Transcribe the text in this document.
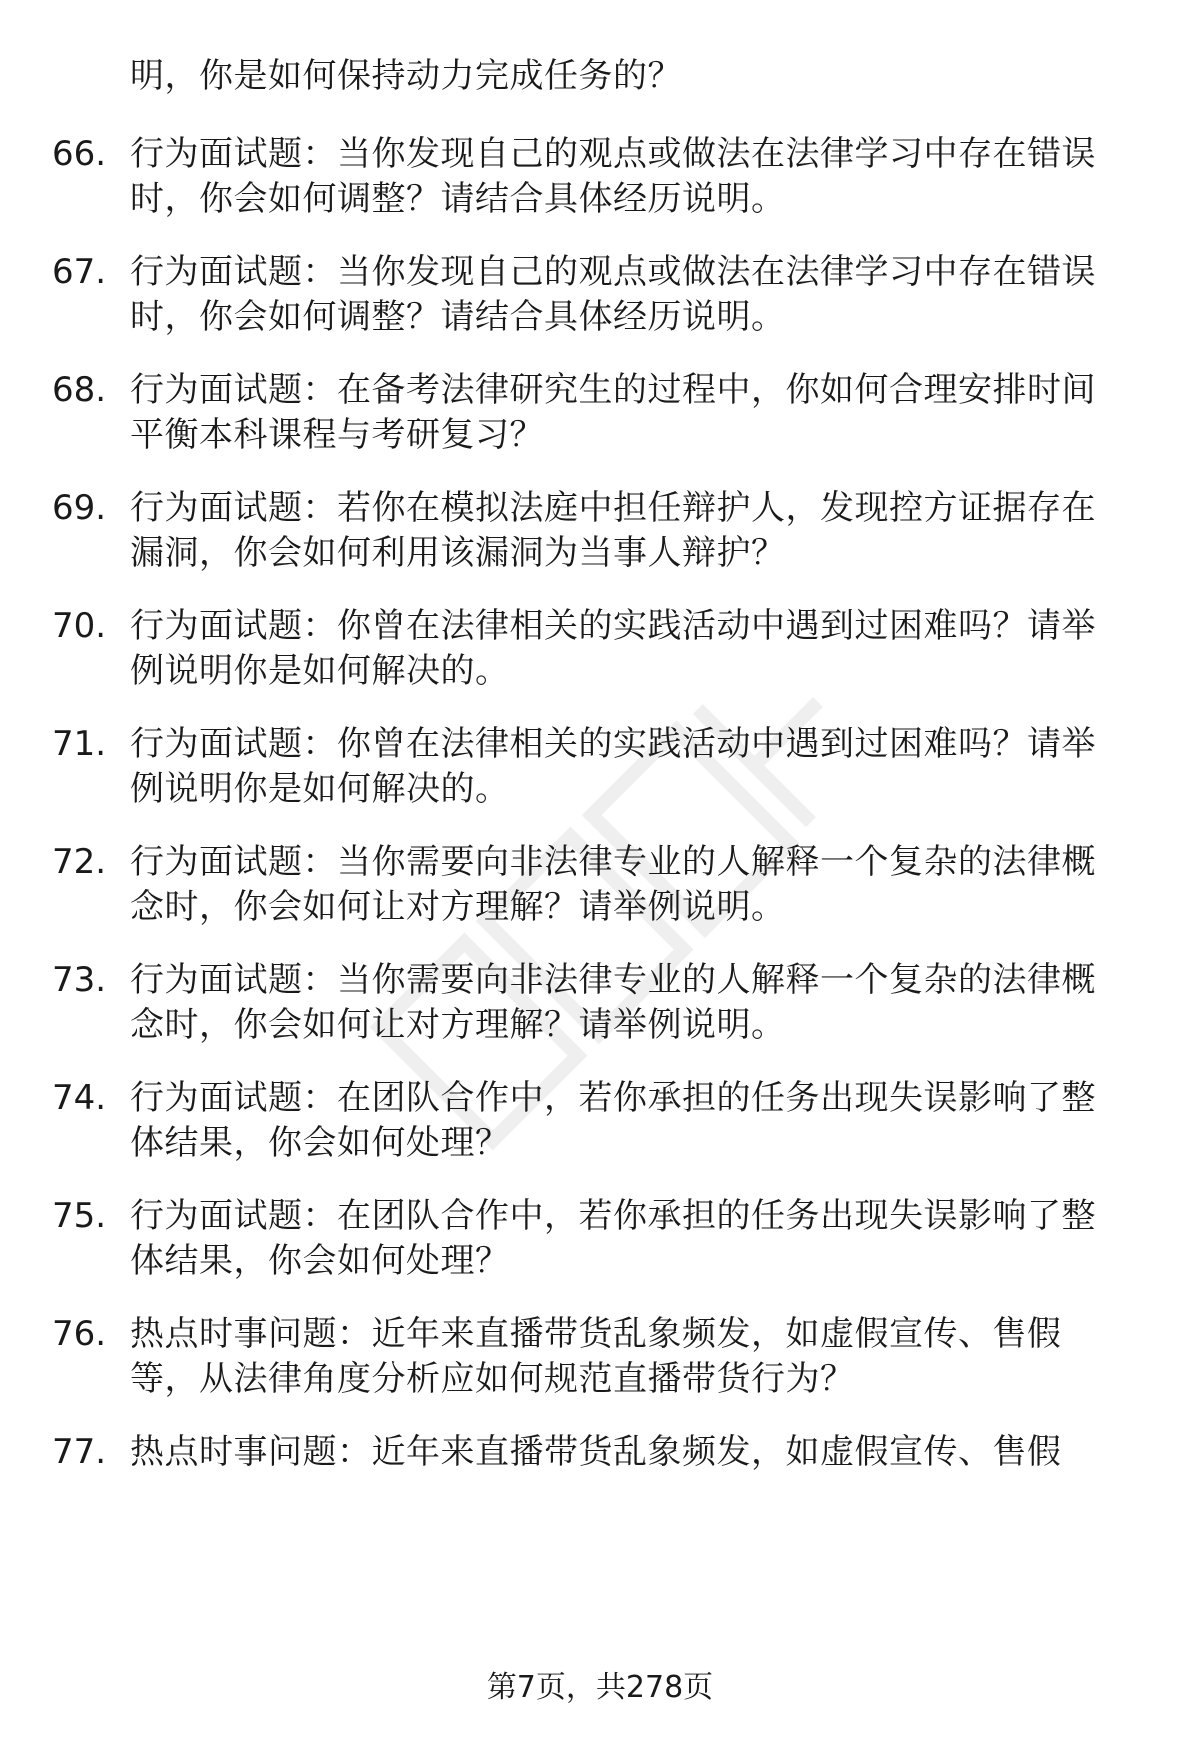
明，你是如何保持动力完成任务的？
66. 行为面试题：当你发现自己的观点或做法在法律学习中存在错误
时，你会如何调整？请结合具体经历说明。
67. 行为面试题：当你发现自己的观点或做法在法律学习中存在错误
时，你会如何调整？请结合具体经历说明。
68. 行为面试题：在备考法律研究生的过程中，你如何合理安排时间
平衡本科课程与考研复习？
69. 行为面试题：若你在模拟法庭中担任辩护人，发现控方证据存在
漏洞，你会如何利用该漏洞为当事人辩护？
70. 行为面试题：你曾在法律相关的实践活动中遇到过困难吗？请举
例说明你是如何解决的。
71. 行为面试题：你曾在法律相关的实践活动中遇到过困难吗？请举
例说明你是如何解决的。
72. 行为面试题：当你需要向非法律专业的人解释一个复杂的法律概
念时，你会如何让对方理解？请举例说明。
73. 行为面试题：当你需要向非法律专业的人解释一个复杂的法律概
念时，你会如何让对方理解？请举例说明。
74. 行为面试题：在团队合作中，若你承担的任务出现失误影响了整
体结果，你会如何处理？
75. 行为面试题：在团队合作中，若你承担的任务出现失误影响了整
体结果，你会如何处理？
76. 热点时事问题：近年来直播带货乱象频发，如虚假宣传、售假
等，从法律角度分析应如何规范直播带货行为？
77. 热点时事问题：近年来直播带货乱象频发，如虚假宣传、售假
第7页，共278页
